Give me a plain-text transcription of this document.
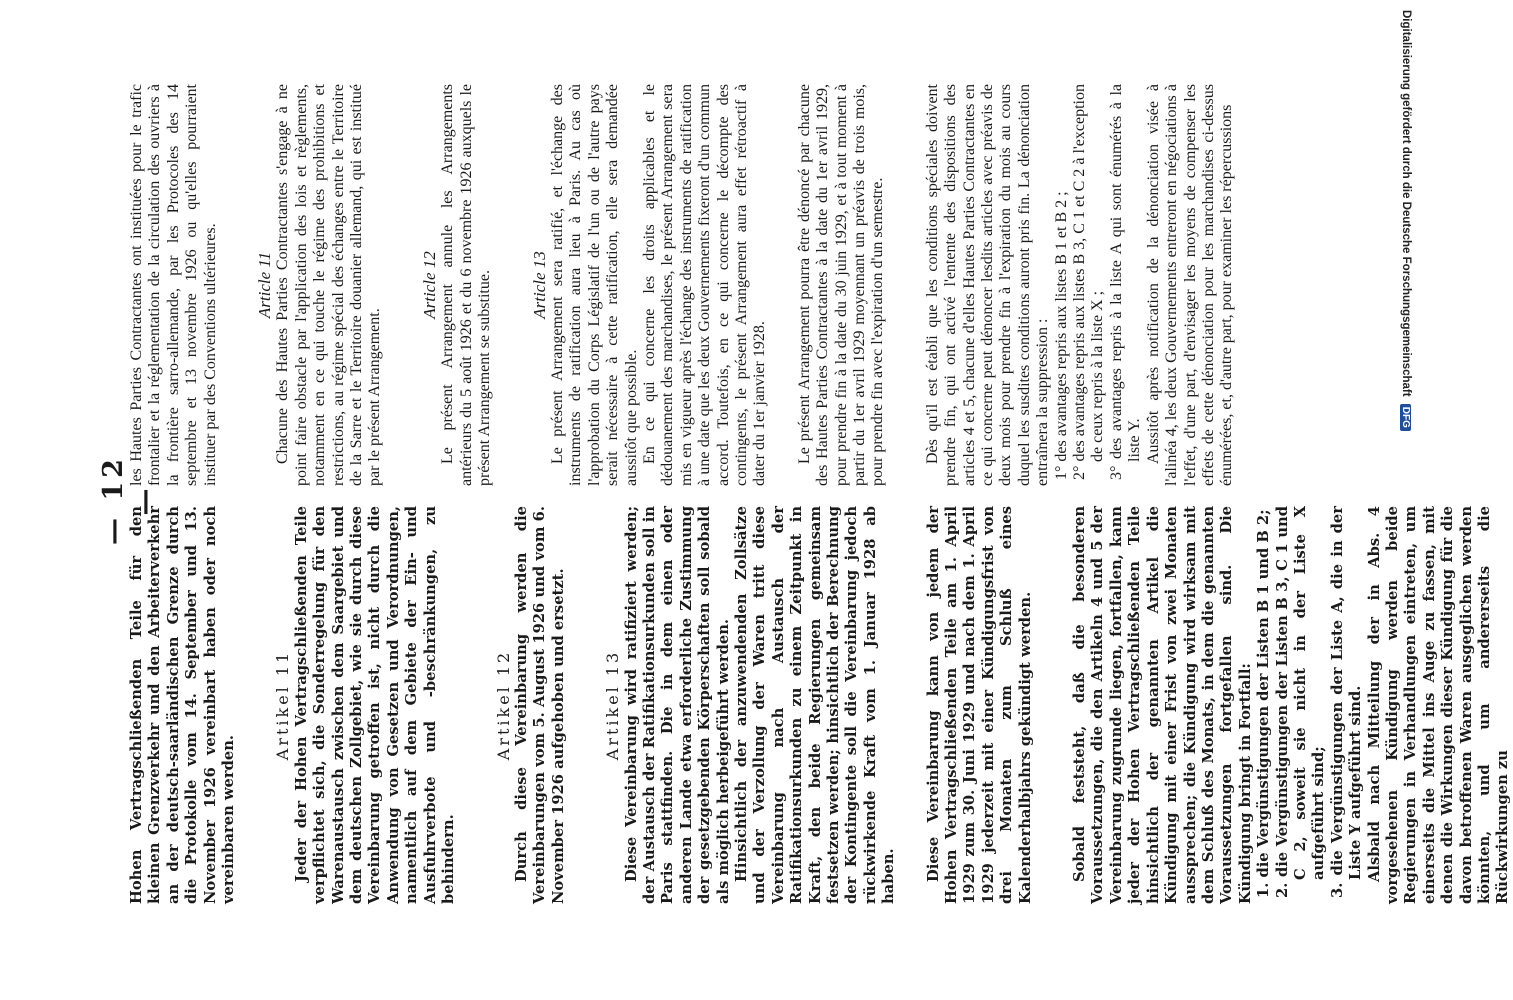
— 12 —

Hohen Vertragschließenden Teile für den kleinen Grenzverkehr und den Arbeiterverkehr an der deutsch-saarländischen Grenze durch die Protokolle vom 14. September und 13. November 1926 vereinbart haben oder noch vereinbaren werden.

Artikel 11 Jeder der Hohen Vertragschließenden Teile verpflichtet sich, die Sonderregelung für den Warenaustausch zwischen dem Saargebiet und dem deutschen Zollgebiet, wie sie durch diese Vereinbarung getroffen ist, nicht durch die Anwendung von Gesetzen und Verordnungen, namentlich auf dem Gebiete der Ein- und Ausfuhrverbote und -beschränkungen, zu behindern.

Artikel 12 Durch diese Vereinbarung werden die Vereinbarungen vom 5. August 1926 und vom 6. November 1926 aufgehoben und ersetzt. Artikel 13 Diese Vereinbarung wird ratifiziert werden; der Austausch der Ratifikationsurkunden soll in Paris stattfinden. Die in dem einen oder anderen Lande etwa erforderliche Zustimmung der gesetzgebenden Körperschaften soll sobald als möglich herbeigeführt werden. Hinsichtlich der anzuwendenden Zollsätze und der Verzollung der Waren tritt diese Vereinbarung nach Austausch der Ratifikationsurkunden zu einem Zeitpunkt in Kraft, den beide Regierungen gemeinsam festsetzen werden; hinsichtlich der Berechnung der Kontingente soll die Vereinbarung jedoch rückwirkende Kraft vom 1. Januar 1928 ab haben. Diese Vereinbarung kann von jedem der Hohen Vertragschließenden Teile am 1. April 1929 zum 30. Juni 1929 und nach dem 1. April 1929 jederzeit mit einer Kündigungsfrist von drei Monaten zum Schluß eines Kalenderhalbjahrs gekündigt werden.	Sobald feststeht, daß die besonderen Voraussetzungen, die den Artikeln 4 und 5 der Vereinbarung zugrunde liegen, fortfallen, kann jeder der Hohen Vertragschließenden Teile hinsichtlich der genannten Artikel die Kündigung mit einer Frist von zwei Monaten aussprechen; die Kündigung wird wirksam mit dem Schluß des Monats, in dem die genannten Voraussetzungen fortgefallen sind. Die Kündigung bringt in Fortfall: 1. die Vergünstigungen der Listen B 1 und B 2; 2. die Vergünstigungen der Listen B 3, C 1 und C 2, soweit sie nicht in der Liste X aufgeführt sind; 3. die Vergünstigungen der Liste A, die in der Liste Y aufgeführt sind. Alsbald nach Mitteilung der in Abs. 4 vorgesehenen Kündigung werden beide Regierungen in Verhandlungen eintreten, um einerseits die Mittel ins Auge zu fassen, mit denen die Wirkungen dieser Kündigung für die davon betroffenen Waren ausgeglichen werden könnten, und um andererseits die Rückwirkungen zu

les Hautes Parties Contractantes ont instituées pour le trafic frontalier et la réglementation de la circulation des ouvriers à la frontière sarro-allemande, par les Protocoles des 14 septembre et 13 novembre 1926 ou qu'elles pourraient instituer par des Conventions ultérieures. Article 11 Chacune des Hautes Parties Contractantes s'engage à ne point faire obstacle par l'application des lois et règlements, notamment en ce qui touche le régime des prohibitions et restrictions, au régime spécial des échanges entre le Territoire de la Sarre et le Territoire douanier allemand, qui est institué par le présent Arrangement.

Article 12 Le présent Arrangement annule les Arrangements antérieurs du 5 août 1926 et du 6 novembre 1926 auxquels le présent Arrangement se substitue. Article 13 Le présent Arrangement sera ratifié, et l'échange des instruments de ratification aura lieu à Paris. Au cas où l'approbation du Corps Législatif de l'un ou de l'autre pays serait nécessaire à cette ratification, elle sera demandée aussitôt que possible. En ce qui concerne les droits applicables et le dédouanement des marchandises, le présent Arrangement sera mis en vigueur après l'échange des instruments de ratification à une date que les deux Gouvernements fixeront d'un commun accord. Toutefois, en ce qui concerne le décompte des contingents, le présent Arrangement aura effet rétroactif à dater du 1er janvier 1928. Le présent Arrangement pourra être dénoncé par chacune des Hautes Parties Contractantes à la date du 1er avril 1929, pour prendre fin à la date du 30 juin 1929, et à tout moment à partir du 1er avril 1929 moyennant un préavis de trois mois, pour prendre fin avec l'expiration d'un semestre. Dès qu'il est établi que les conditions spéciales doivent prendre fin, qui ont activé l'entente des dispositions des articles 4 et 5, chacune d'elles Hautes Parties Contractantes en ce qui concerne peut dénoncer lesdits articles avec préavis de deux mois pour prendre fin à l'expiration du mois au cours duquel les susdites conditions auront pris fin. La dénonciation entraînera la suppression : 1° des avantages repris aux listes B 1 et B 2 ; 2° des avantages repris aux listes B 3, C 1 et C 2 à l'exception de ceux repris à la liste X ; 3° des avantages repris à la liste A qui sont énumérés à la liste Y. Aussitôt après notification de la dénonciation visée à l'alinéa 4, les deux Gouvernements entreront en négociations à l'effet, d'une part, d'envisager les moyens de compenser les effets de cette dénonciation pour les marchandises ci-dessus énumérées, et, d'autre part, pour examiner les répercussions	Digitalisierung gefördert durch die Deutsche Forschungsgemeinschaft DFG
